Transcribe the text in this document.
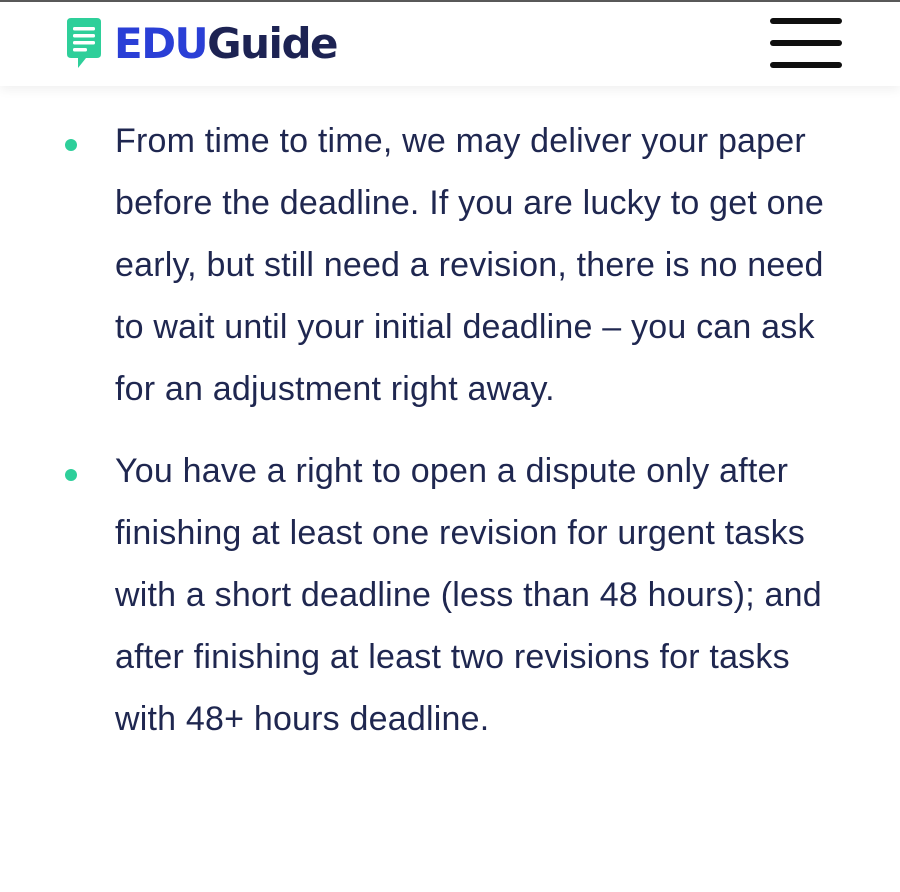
EDUGuide

From time to time, we may deliver your paper before the deadline. If you are lucky to get one early, but still need a revision, there is no need to wait until your initial deadline – you can ask for an adjustment right away.

You have a right to open a dispute only after finishing at least one revision for urgent tasks with a short deadline (less than 48 hours); and after finishing at least two revisions for tasks with 48+ hours deadline.
